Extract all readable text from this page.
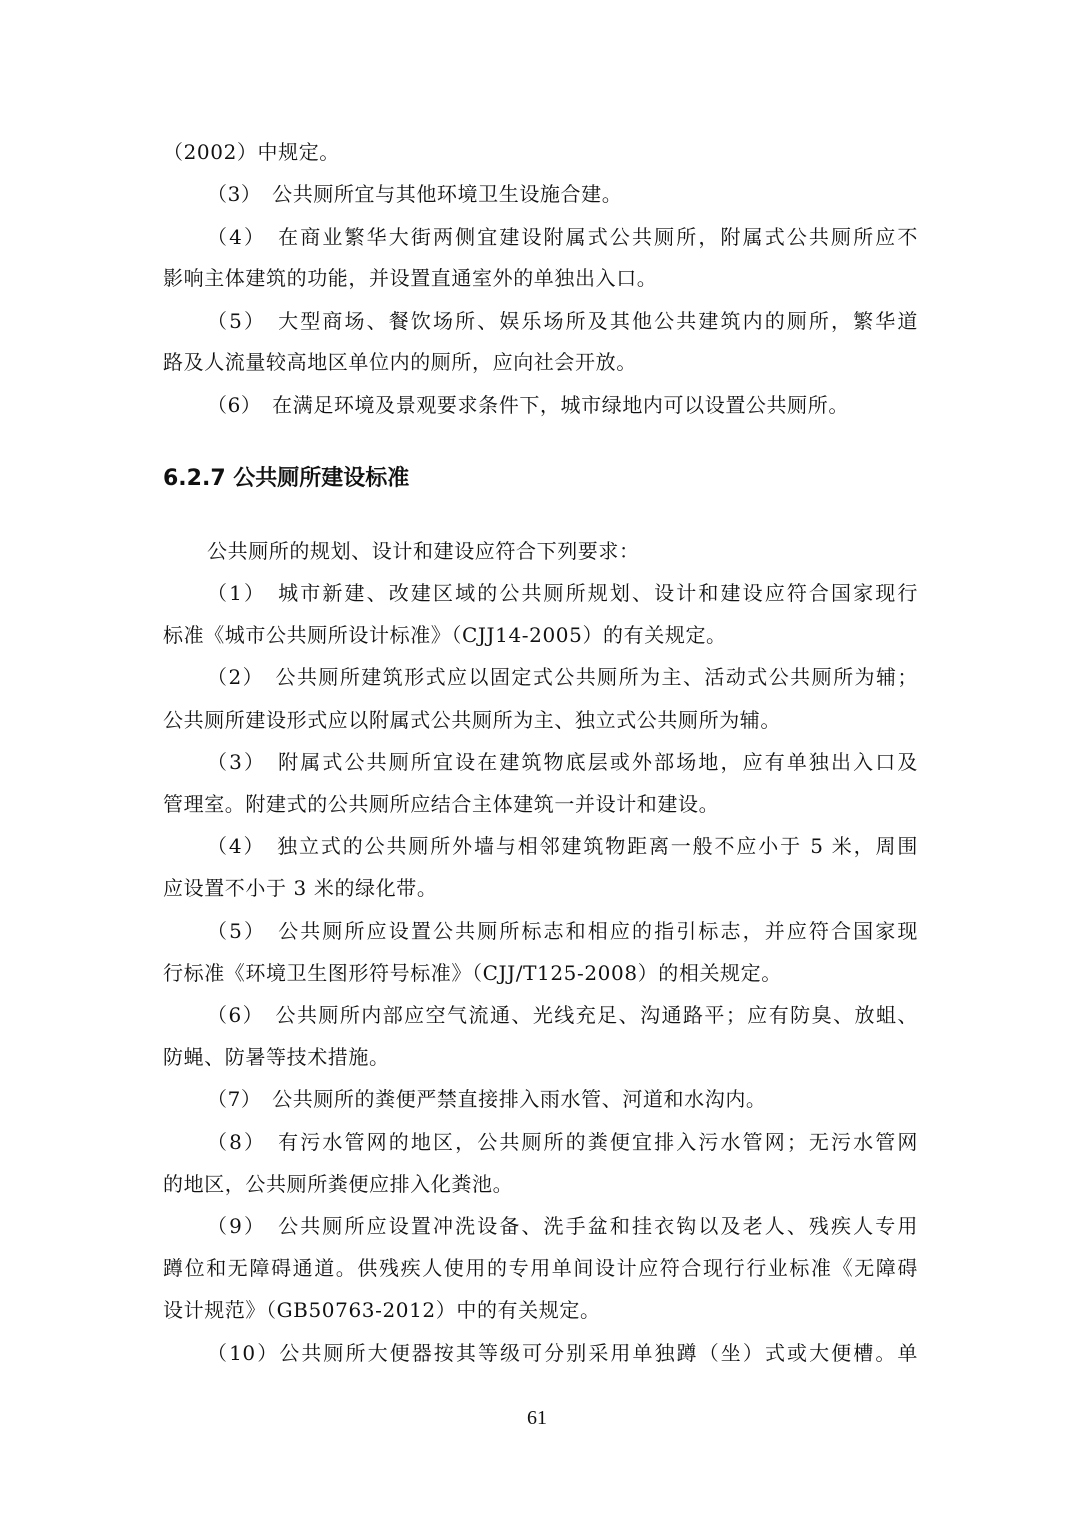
（2002）中规定。
（3）　公共厕所宜与其他环境卫生设施合建。
（4）　在商业繁华大街两侧宜建设附属式公共厕所，附属式公共厕所应不
影响主体建筑的功能，并设置直通室外的单独出入口。
（5）　大型商场、餐饮场所、娱乐场所及其他公共建筑内的厕所，繁华道
路及人流量较高地区单位内的厕所，应向社会开放。
（6）　在满足环境及景观要求条件下，城市绿地内可以设置公共厕所。
6.2.7 公共厕所建设标准
公共厕所的规划、设计和建设应符合下列要求：
（1）　城市新建、改建区域的公共厕所规划、设计和建设应符合国家现行
标准《城市公共厕所设计标准》（CJJ14-2005）的有关规定。
（2）　公共厕所建筑形式应以固定式公共厕所为主、活动式公共厕所为辅；
公共厕所建设形式应以附属式公共厕所为主、独立式公共厕所为辅。
（3）　附属式公共厕所宜设在建筑物底层或外部场地，应有单独出入口及
管理室。附建式的公共厕所应结合主体建筑一并设计和建设。
（4）　独立式的公共厕所外墙与相邻建筑物距离一般不应小于 5 米，周围
应设置不小于 3 米的绿化带。
（5）　公共厕所应设置公共厕所标志和相应的指引标志，并应符合国家现
行标准《环境卫生图形符号标准》（CJJ/T125-2008）的相关规定。
（6）　公共厕所内部应空气流通、光线充足、沟通路平；应有防臭、放蛆、
防蝇、防暑等技术措施。
（7）　公共厕所的粪便严禁直接排入雨水管、河道和水沟内。
（8）　有污水管网的地区，公共厕所的粪便宜排入污水管网；无污水管网
的地区，公共厕所粪便应排入化粪池。
（9）　公共厕所应设置冲洗设备、洗手盆和挂衣钩以及老人、残疾人专用
蹲位和无障碍通道。供残疾人使用的专用单间设计应符合现行行业标准《无障碍
设计规范》（GB50763-2012）中的有关规定。
（10）公共厕所大便器按其等级可分别采用单独蹲（坐）式或大便槽。单
61
